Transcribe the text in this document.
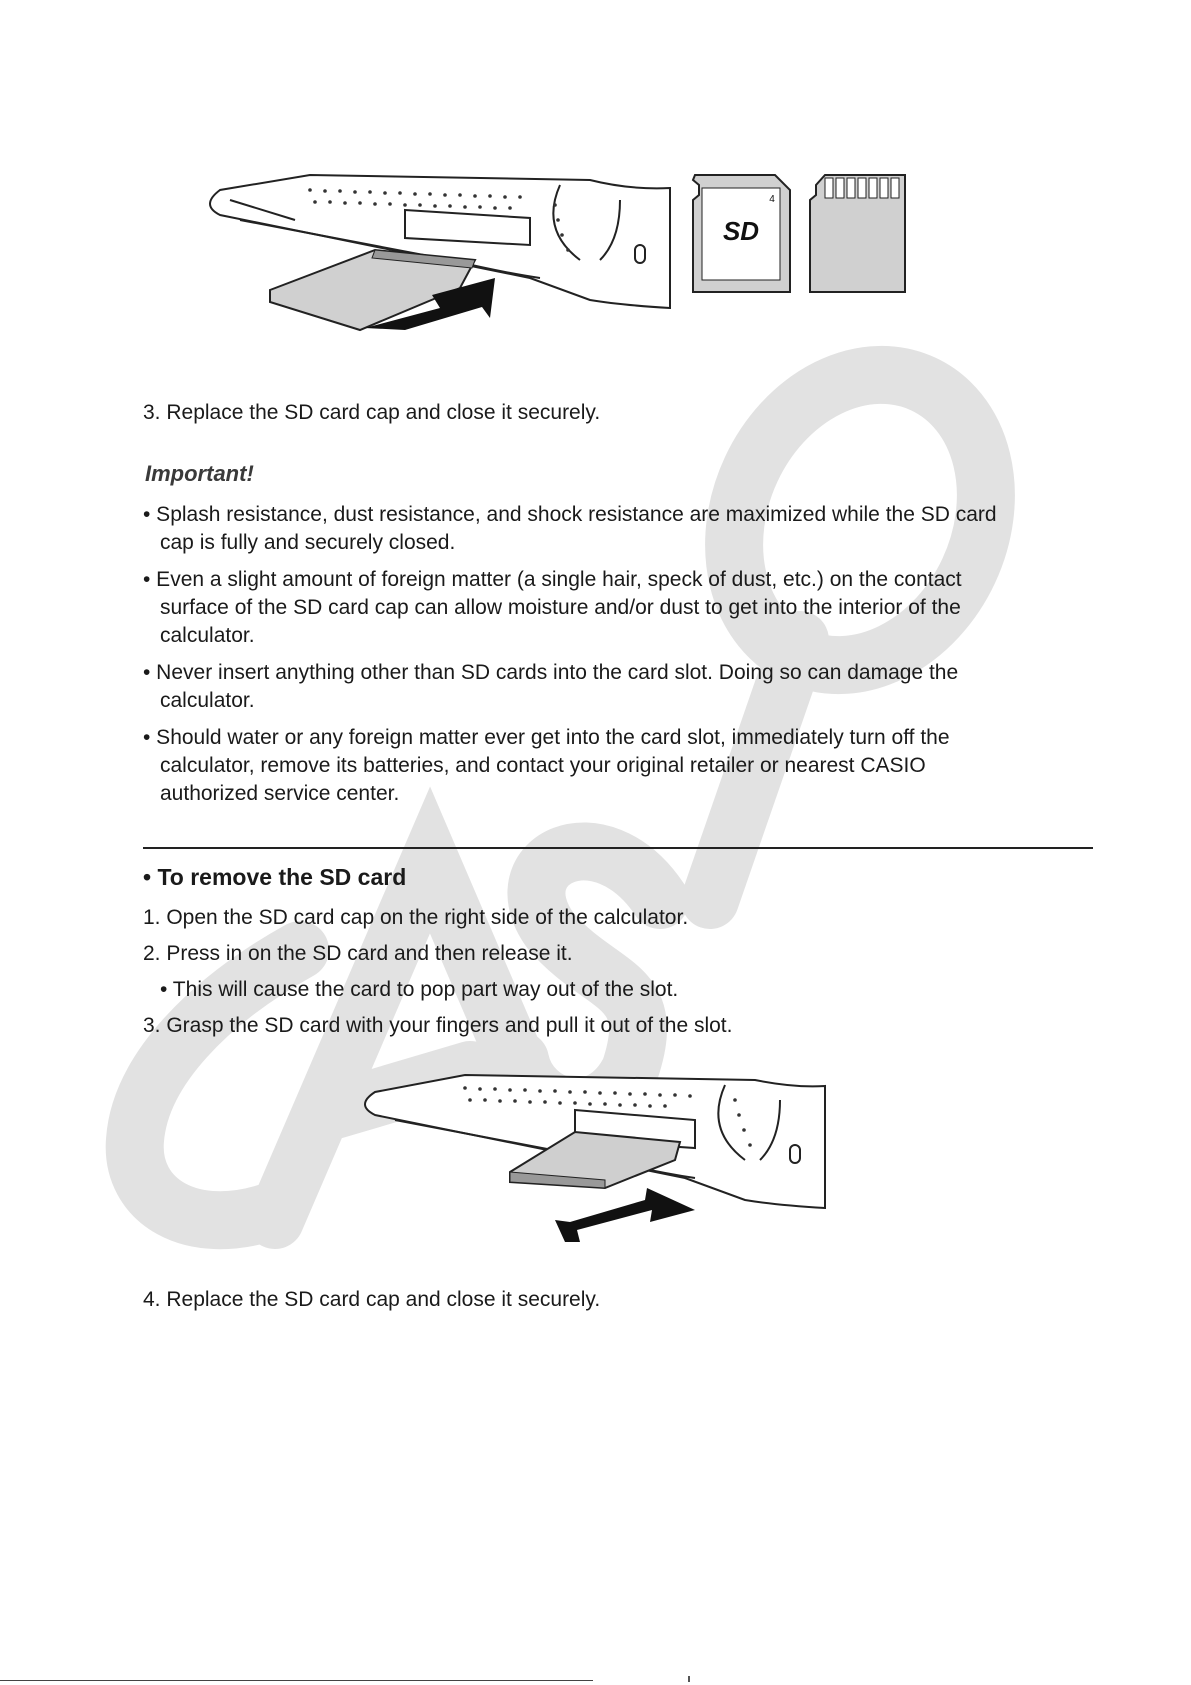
SD
4
3. Replace the SD card cap and close it securely.
Important!
• Splash resistance, dust resistance, and shock resistance are maximized while the SD card
cap is fully and securely closed.
• Even a slight amount of foreign matter (a single hair, speck of dust, etc.) on the contact
surface of the SD card cap can allow moisture and/or dust to get into the interior of the
calculator.
• Never insert anything other than SD cards into the card slot. Doing so can damage the
calculator.
• Should water or any foreign matter ever get into the card slot, immediately turn off the
calculator, remove its batteries, and contact your original retailer or nearest CASIO
authorized service center.
• To remove the SD card
1. Open the SD card cap on the right side of the calculator.
2. Press in on the SD card and then release it.
• This will cause the card to pop part way out of the slot.
3. Grasp the SD card with your fingers and pull it out of the slot.
4. Replace the SD card cap and close it securely.
